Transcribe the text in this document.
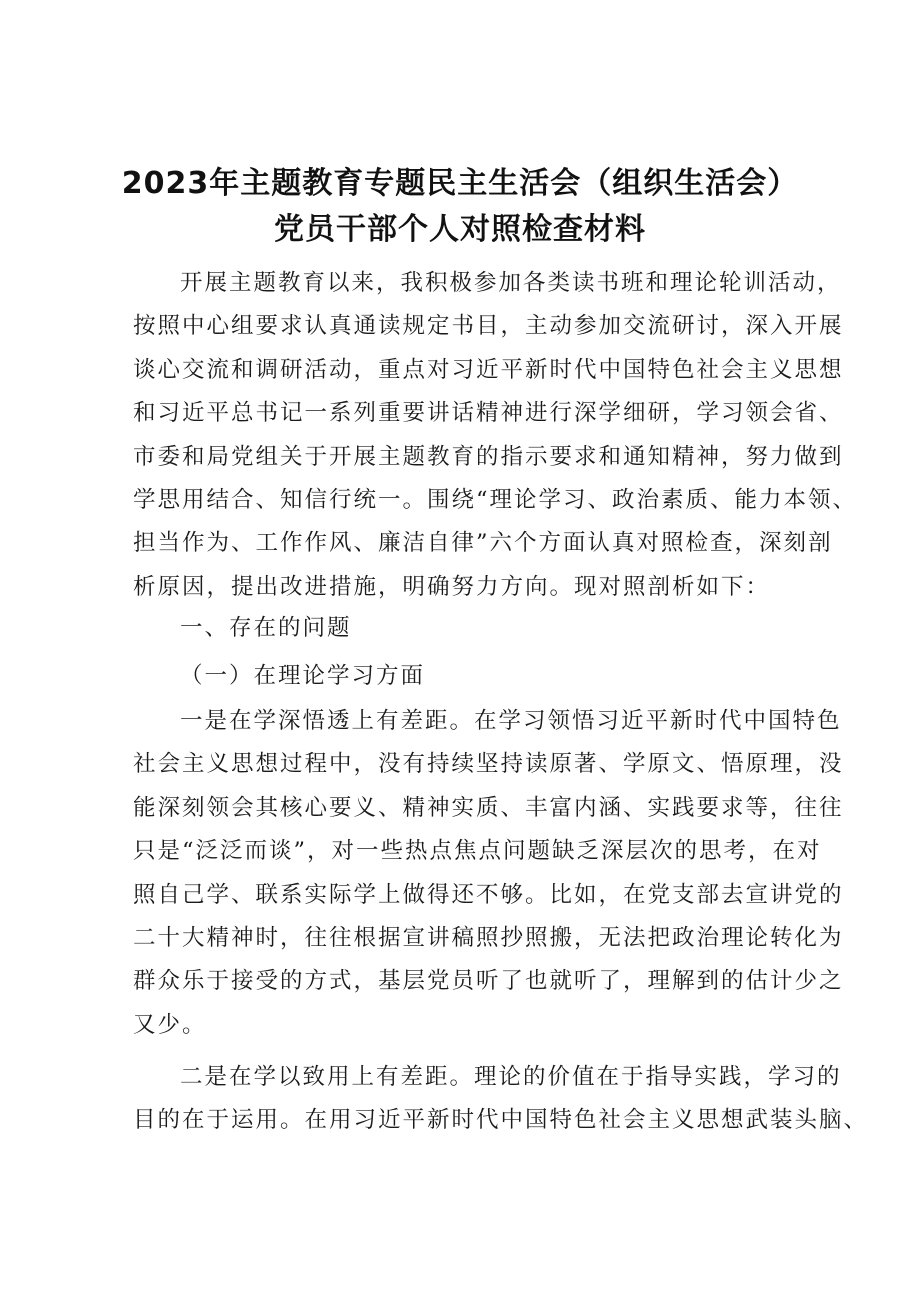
2023年主题教育专题民主生活会（组织生活会）
党员干部个人对照检查材料
开展主题教育以来，我积极参加各类读书班和理论轮训活动，
按照中心组要求认真通读规定书目，主动参加交流研讨，深入开展
谈心交流和调研活动，重点对习近平新时代中国特色社会主义思想
和习近平总书记一系列重要讲话精神进行深学细研，学习领会省、
市委和局党组关于开展主题教育的指示要求和通知精神，努力做到
学思用结合、知信行统一。围绕“理论学习、政治素质、能力本领、
担当作为、工作作风、廉洁自律”六个方面认真对照检查，深刻剖
析原因，提出改进措施，明确努力方向。现对照剖析如下：
一、存在的问题
（一）在理论学习方面
一是在学深悟透上有差距。在学习领悟习近平新时代中国特色
社会主义思想过程中，没有持续坚持读原著、学原文、悟原理，没
能深刻领会其核心要义、精神实质、丰富内涵、实践要求等，往往
只是“泛泛而谈”，对一些热点焦点问题缺乏深层次的思考，在对
照自己学、联系实际学上做得还不够。比如，在党支部去宣讲党的
二十大精神时，往往根据宣讲稿照抄照搬，无法把政治理论转化为
群众乐于接受的方式，基层党员听了也就听了，理解到的估计少之
又少。
二是在学以致用上有差距。理论的价值在于指导实践，学习的
目的在于运用。在用习近平新时代中国特色社会主义思想武装头脑、
